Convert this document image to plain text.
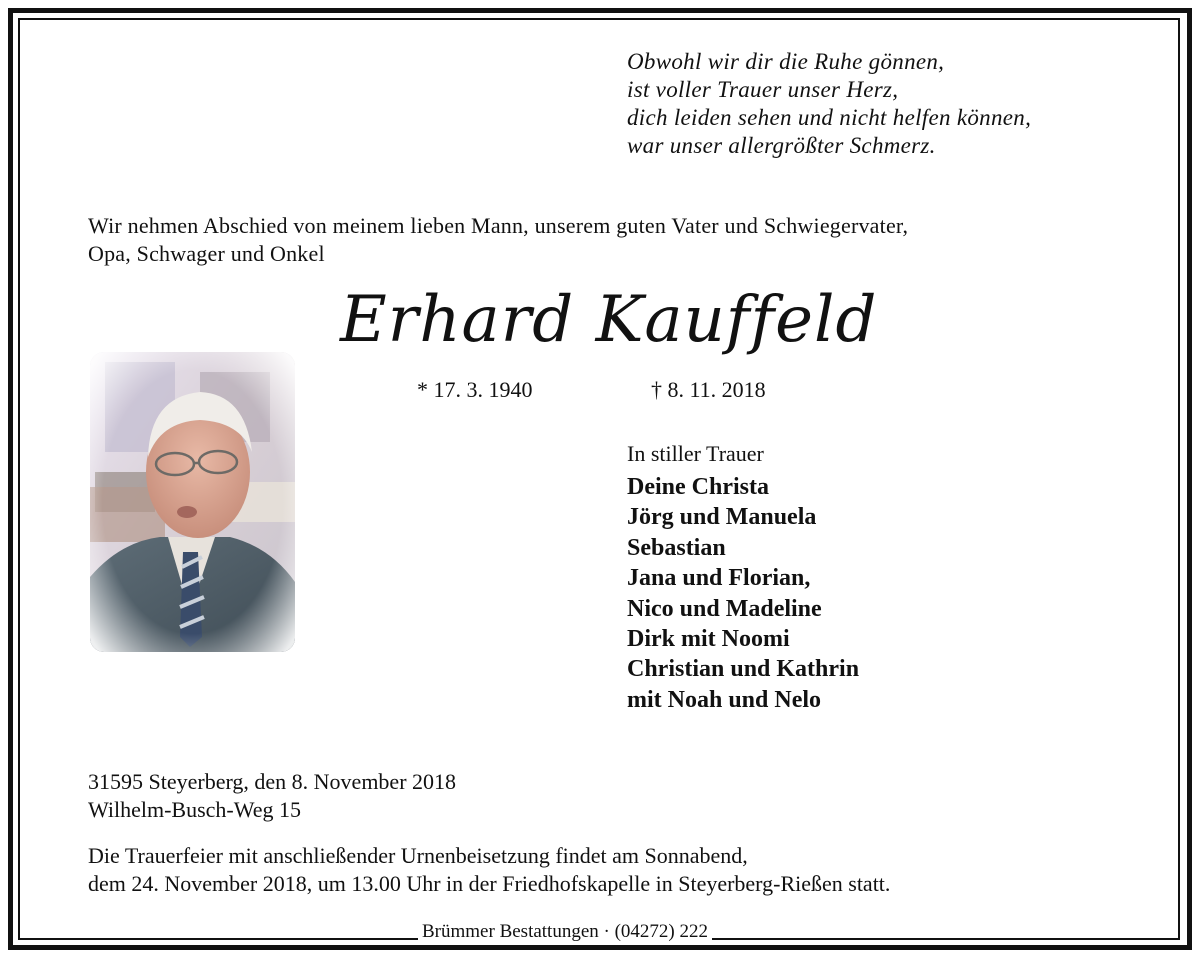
Obwohl wir dir die Ruhe gönnen,
ist voller Trauer unser Herz,
dich leiden sehen und nicht helfen können,
war unser allergrößter Schmerz.
Wir nehmen Abschied von meinem lieben Mann, unserem guten Vater und Schwiegervater,
Opa, Schwager und Onkel
Erhard Kauffeld
* 17. 3. 1940	† 8. 11. 2018
In stiller Trauer
Deine Christa
Jörg und Manuela
Sebastian
Jana und Florian,
Nico und Madeline
Dirk mit Noomi
Christian und Kathrin
mit Noah und Nelo
31595 Steyerberg, den 8. November 2018
Wilhelm-Busch-Weg 15
Die Trauerfeier mit anschließender Urnenbeisetzung findet am Sonnabend,
dem 24. November 2018, um 13.00 Uhr in der Friedhofskapelle in Steyerberg-Rießen statt.
Brümmer Bestattungen · (04272) 222
